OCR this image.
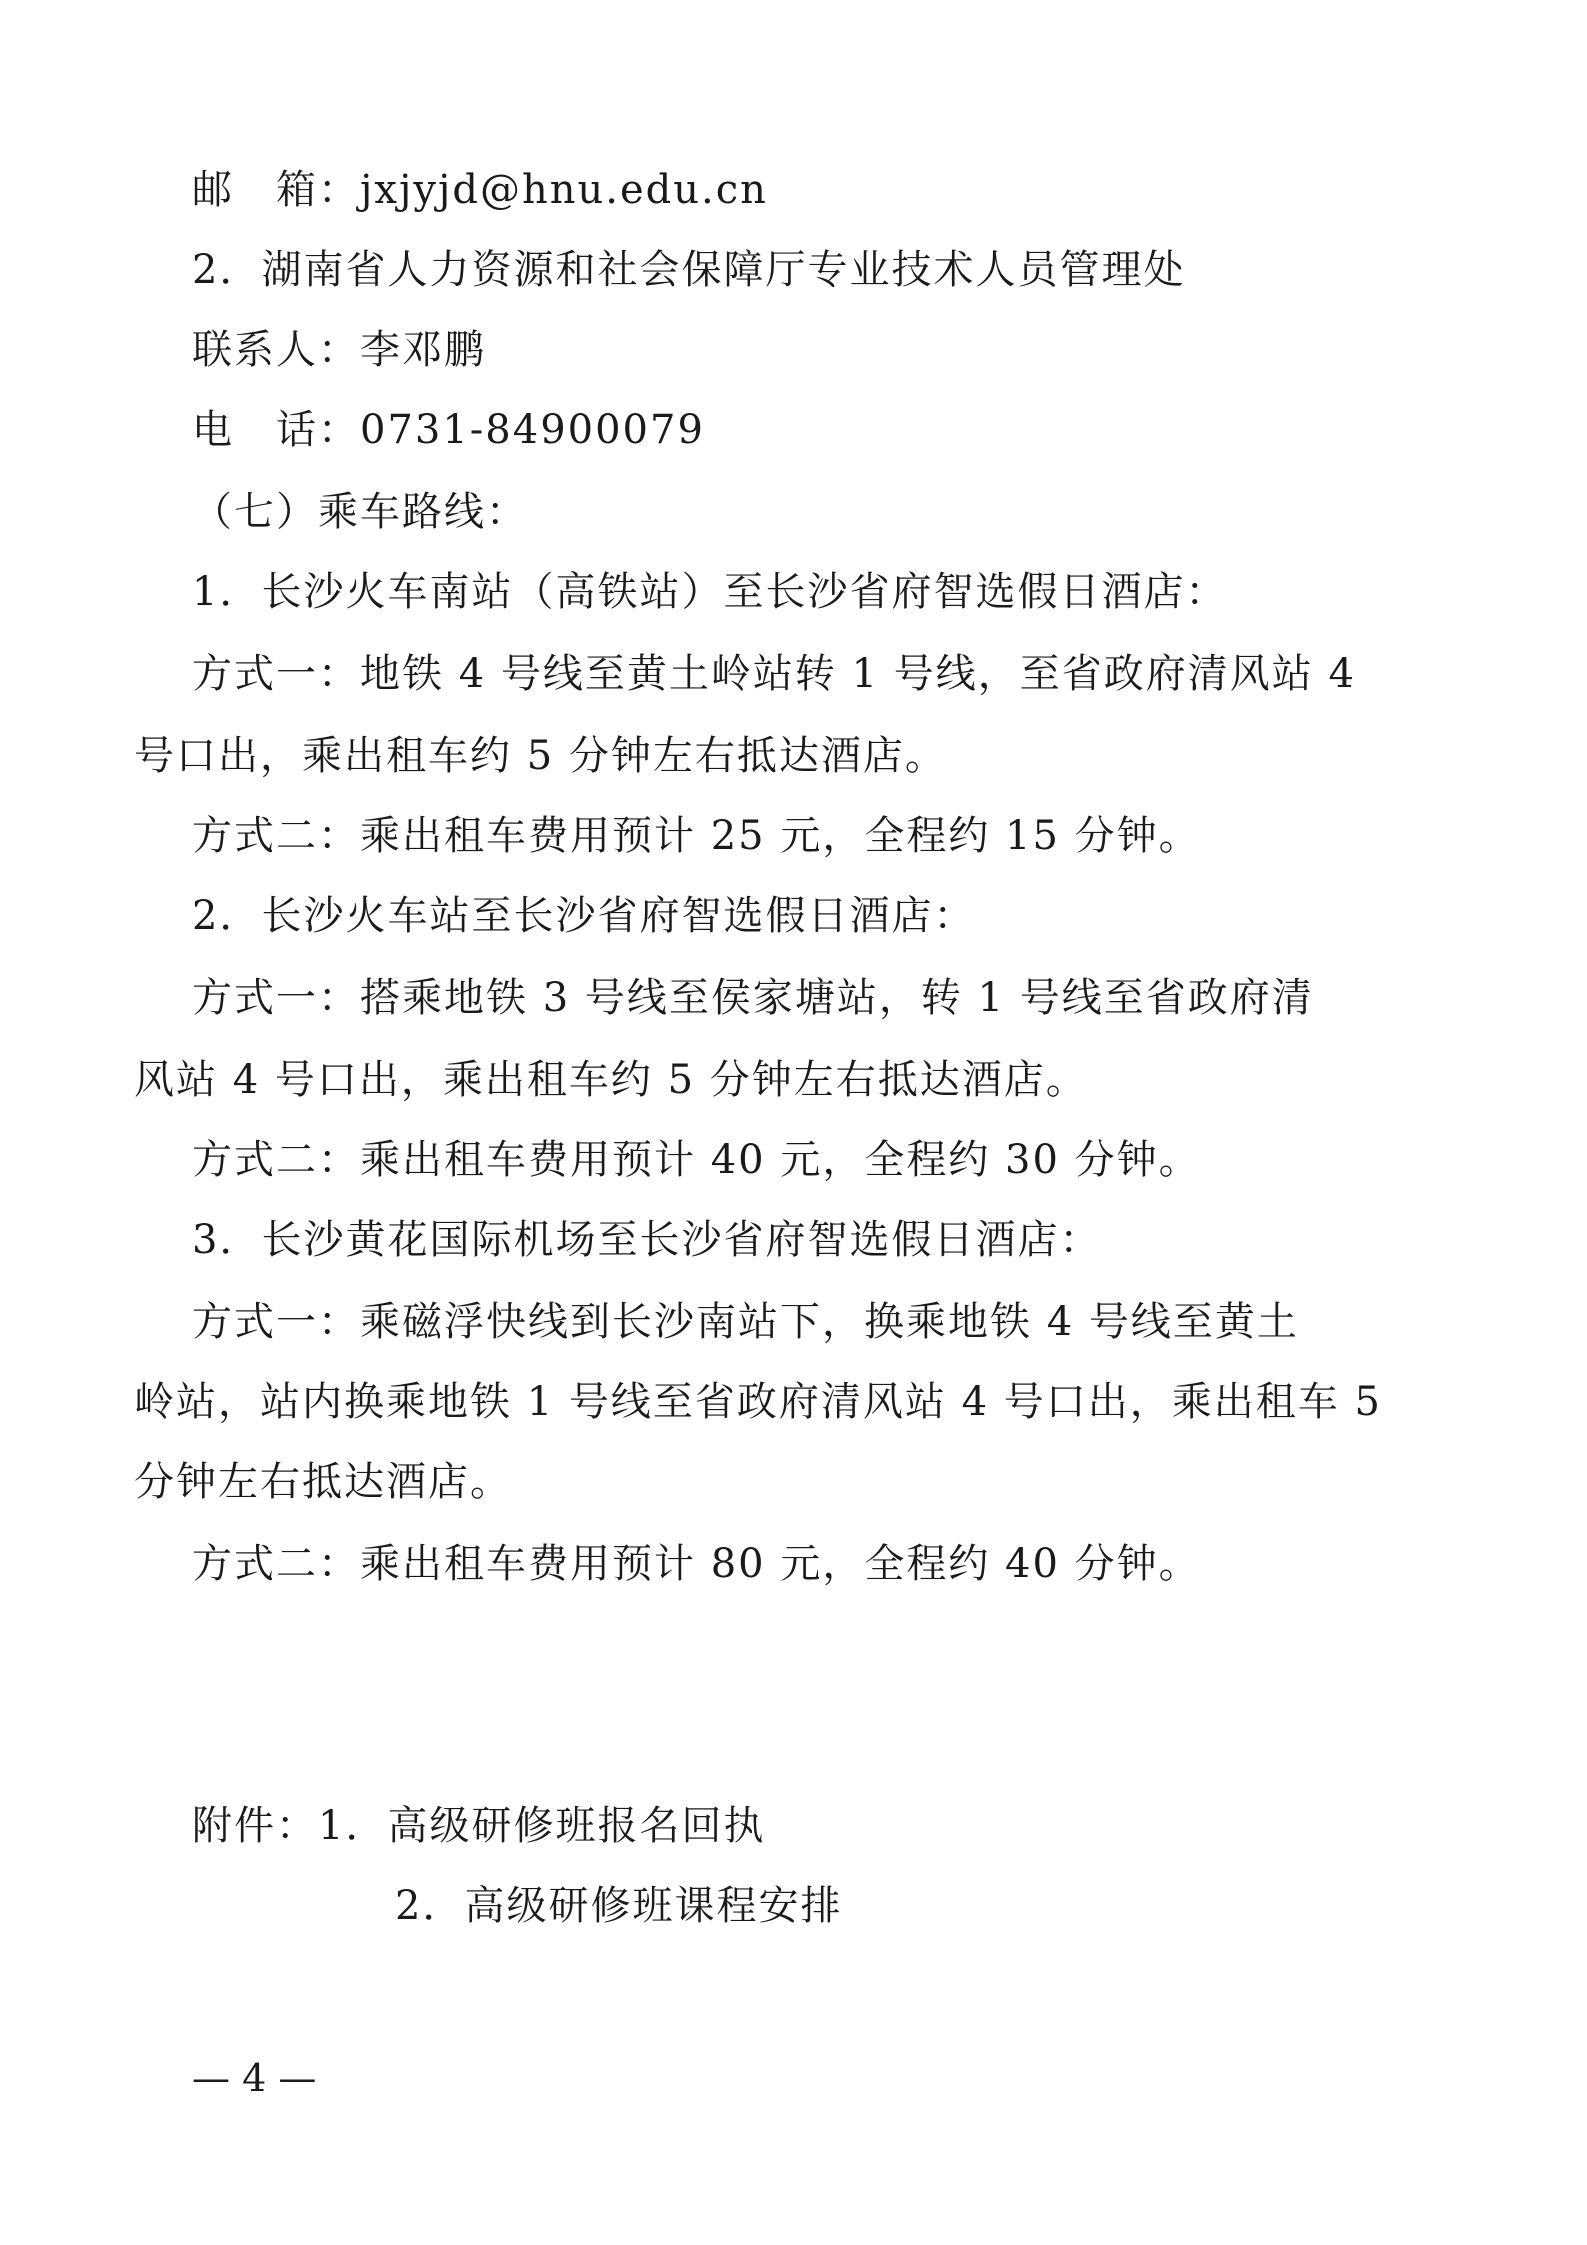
邮　箱：jxjyjd@hnu.edu.cn
2．湖南省人力资源和社会保障厅专业技术人员管理处
联系人：李邓鹏
电　话：0731-84900079
（七）乘车路线：
1．长沙火车南站（高铁站）至长沙省府智选假日酒店：
方式一：地铁 4 号线至黄土岭站转 1 号线，至省政府清风站 4
号口出，乘出租车约 5 分钟左右抵达酒店。
方式二：乘出租车费用预计 25 元，全程约 15 分钟。
2．长沙火车站至长沙省府智选假日酒店：
方式一：搭乘地铁 3 号线至侯家塘站，转 1 号线至省政府清
风站 4 号口出，乘出租车约 5 分钟左右抵达酒店。
方式二：乘出租车费用预计 40 元，全程约 30 分钟。
3．长沙黄花国际机场至长沙省府智选假日酒店：
方式一：乘磁浮快线到长沙南站下，换乘地铁 4 号线至黄土
岭站，站内换乘地铁 1 号线至省政府清风站 4 号口出，乘出租车 5
分钟左右抵达酒店。
方式二：乘出租车费用预计 80 元，全程约 40 分钟。
附件：1．高级研修班报名回执
2．高级研修班课程安排
— 4 —
